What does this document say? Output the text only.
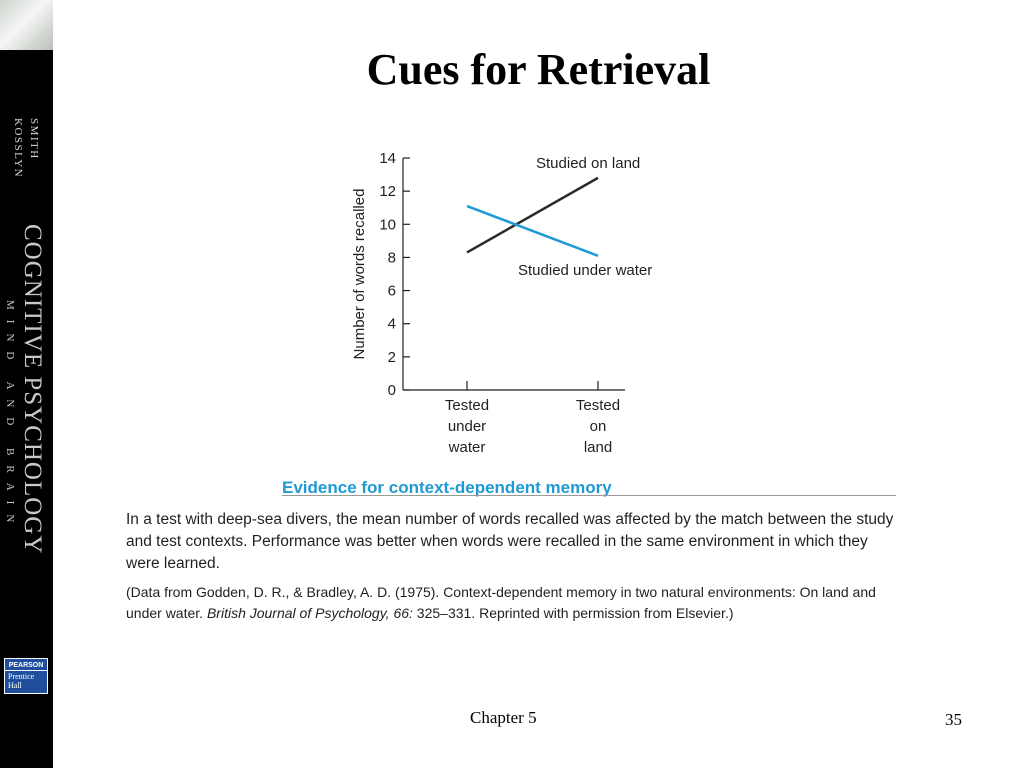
SMITH
KOSSLYN
COGNITIVE PSYCHOLOGY
MIND AND BRAIN
PEARSON
Prentice Hall
Cues for Retrieval
0
2
4
6
8
10
12
14
Tested under water
Tested on land
Number of words recalled
Studied on land
Studied under water
Evidence for context-dependent memory

In a test with deep-sea divers, the mean number of words recalled was affected by the match between the study and test contexts. Performance was better when words were recalled in the same environment in which they were learned.

(Data from Godden, D. R., & Bradley, A. D. (1975). Context-dependent memory in two natural environments: On land and under water. British Journal of Psychology, 66: 325–331. Reprinted with permission from Elsevier.)

Chapter 5	35
